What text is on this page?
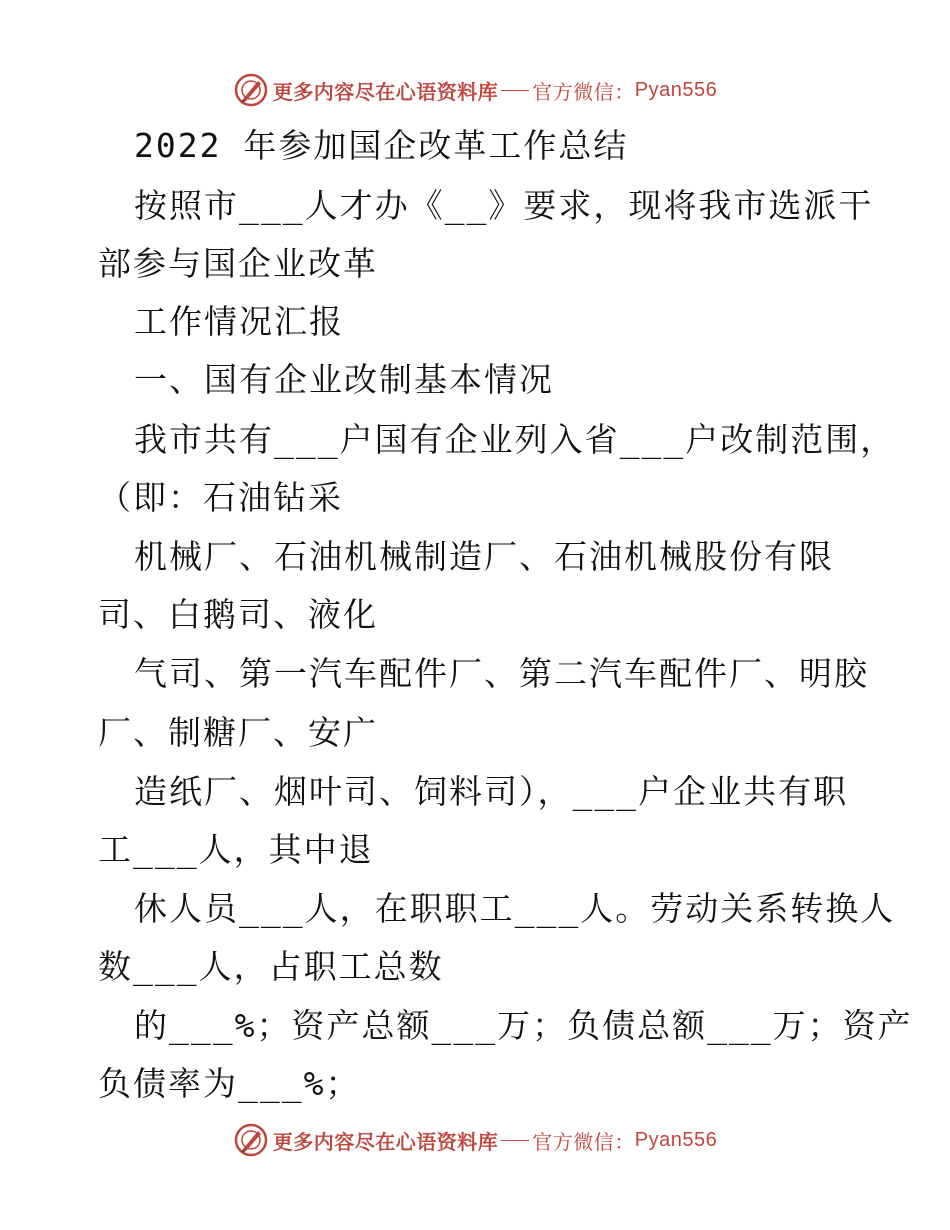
更多内容尽在心语资料库 官方微信： Pyan556
2022 年参加国企改革工作总结
按照市___人才办《__》要求，现将我市选派干
部参与国企业改革
工作情况汇报
一、国有企业改制基本情况
我市共有___户国有企业列入省___户改制范围，
（即：石油钻采
机械厂、石油机械制造厂、石油机械股份有限
司、白鹅司、液化
气司、第一汽车配件厂、第二汽车配件厂、明胶
厂、制糖厂、安广
造纸厂、烟叶司、饲料司），___户企业共有职
工___人，其中退
休人员___人，在职职工___人。劳动关系转换人
数___人，占职工总数
的___%；资产总额___万；负债总额___万；资产
负债率为___%；
更多内容尽在心语资料库 官方微信： Pyan556
